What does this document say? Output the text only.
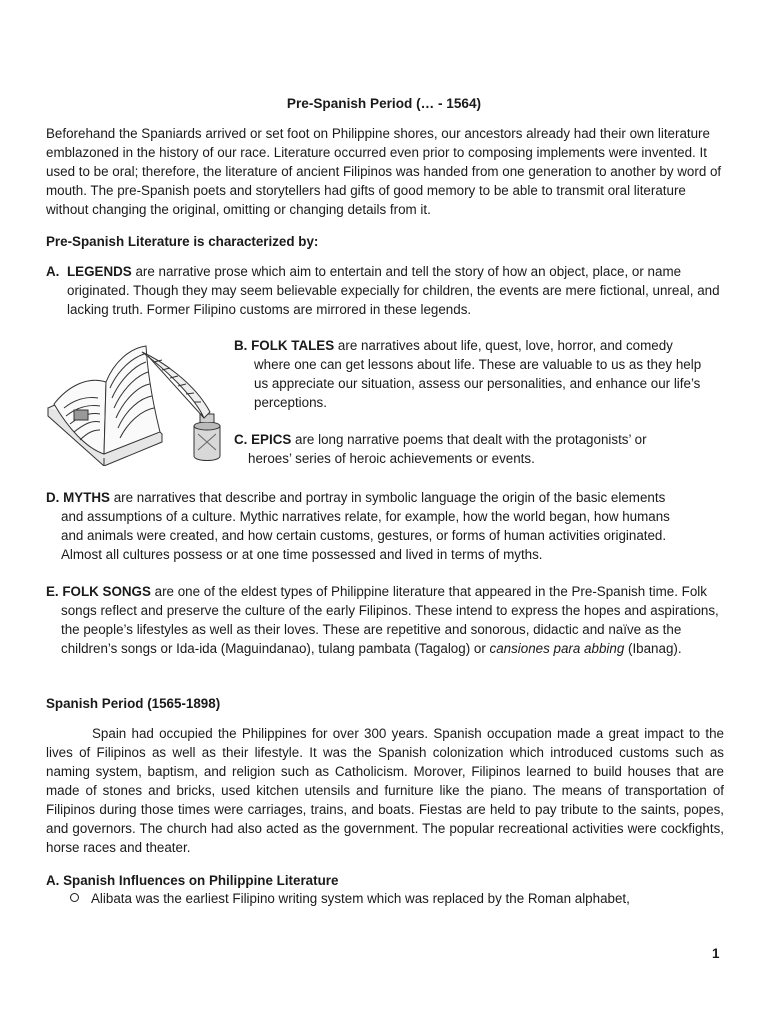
Pre-Spanish Period (… - 1564)

Beforehand the Spaniards arrived or set foot on Philippine shores, our ancestors already had their own literature emblazoned in the history of our race. Literature occurred even prior to composing implements were invented. It used to be oral; therefore, the literature of ancient Filipinos was handed from one generation to another by word of mouth. The pre-Spanish poets and storytellers had gifts of good memory to be able to transmit oral literature without changing the original, omitting or changing details from it.

Pre-Spanish Literature is characterized by:
A. LEGENDS are narrative prose which aim to entertain and tell the story of how an object, place, or name originated. Though they may seem believable expecially for children, the events are mere fictional, unreal, and lacking truth. Former Filipino customs are mirrored in these legends.
B. FOLK TALES are narratives about life, quest, love, horror, and comedy
where one can get lessons about life. These are valuable to us as they help
us appreciate our situation, assess our personalities, and enhance our life’s
perceptions.
C. EPICS are long narrative poems that dealt with the protagonists’ or
heroes’ series of heroic achievements or events.
D. MYTHS are narratives that describe and portray in symbolic language the origin of the basic elements
and assumptions of a culture. Mythic narratives relate, for example, how the world began, how humans
and animals were created, and how certain customs, gestures, or forms of human activities originated.
Almost all cultures possess or at one time possessed and lived in terms of myths.
E. FOLK SONGS are one of the eldest types of Philippine literature that appeared in the Pre-Spanish time. Folk
songs reflect and preserve the culture of the early Filipinos. These intend to express the hopes and aspirations,
the people’s lifestyles as well as their loves. These are repetitive and sonorous, didactic and naïve as the
children’s songs or Ida-ida (Maguindanao), tulang pambata (Tagalog) or cansiones para abbing (Ibanag).
Spanish Period (1565-1898)

Spain had occupied the Philippines for over 300 years. Spanish occupation made a great impact to the lives of Filipinos as well as their lifestyle. It was the Spanish colonization which introduced customs such as naming system, baptism, and religion such as Catholicism. Morover, Filipinos learned to build houses that are made of stones and bricks, used kitchen utensils and furniture like the piano. The means of transportation of Filipinos during those times were carriages, trains, and boats. Fiestas are held to pay tribute to the saints, popes, and governors. The church had also acted as the government. The popular recreational activities were cockfights, horse races and theater.

A. Spanish Influences on Philippine Literature
Alibata was the earliest Filipino writing system which was replaced by the Roman alphabet,
1
